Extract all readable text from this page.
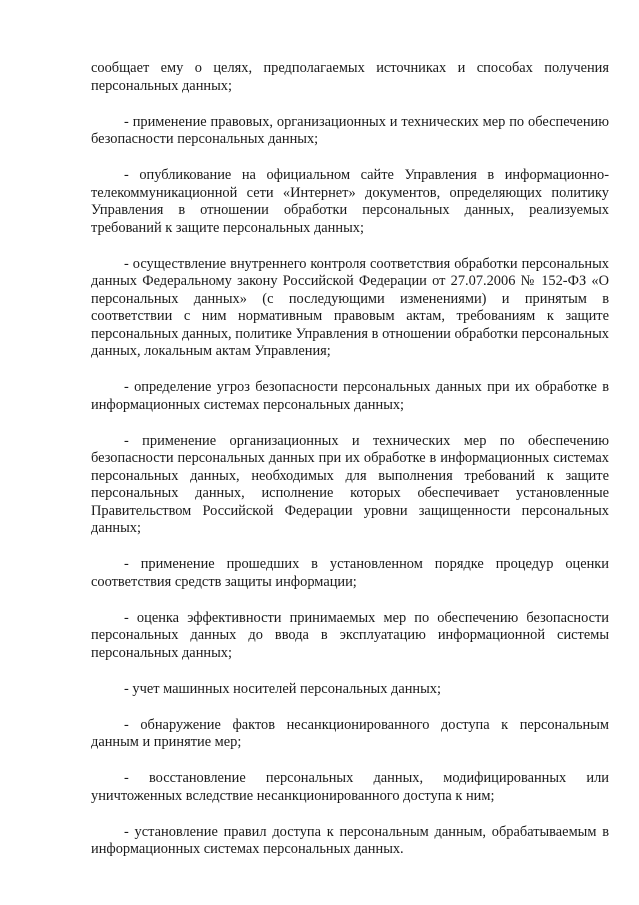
сообщает ему о целях, предполагаемых источниках и способах получения персональных данных;

- применение правовых, организационных и технических мер по обеспечению безопасности персональных данных;

- опубликование на официальном сайте Управления в информационно-телекоммуникационной сети «Интернет» документов, определяющих политику Управления в отношении обработки персональных данных, реализуемых требований к защите персональных данных;

- осуществление внутреннего контроля соответствия обработки персональных данных Федеральному закону Российской Федерации от 27.07.2006 № 152-ФЗ «О персональных данных» (с последующими изменениями) и принятым в соответствии с ним нормативным правовым актам, требованиям к защите персональных данных, политике Управления в отношении обработки персональных данных, локальным актам Управления;

- определение угроз безопасности персональных данных при их обработке в информационных системах персональных данных;

- применение организационных и технических мер по обеспечению безопасности персональных данных при их обработке в информационных системах персональных данных, необходимых для выполнения требований к защите персональных данных, исполнение которых обеспечивает установленные Правительством Российской Федерации уровни защищенности персональных данных;

- применение прошедших в установленном порядке процедур оценки соответствия средств защиты информации;

- оценка эффективности принимаемых мер по обеспечению безопасности персональных данных до ввода в эксплуатацию информационной системы персональных данных;

- учет машинных носителей персональных данных;

- обнаружение фактов несанкционированного доступа к персональным данным и принятие мер;

- восстановление персональных данных, модифицированных или уничтоженных вследствие несанкционированного доступа к ним;

- установление правил доступа к персональным данным, обрабатываемым в информационных системах персональных данных.
